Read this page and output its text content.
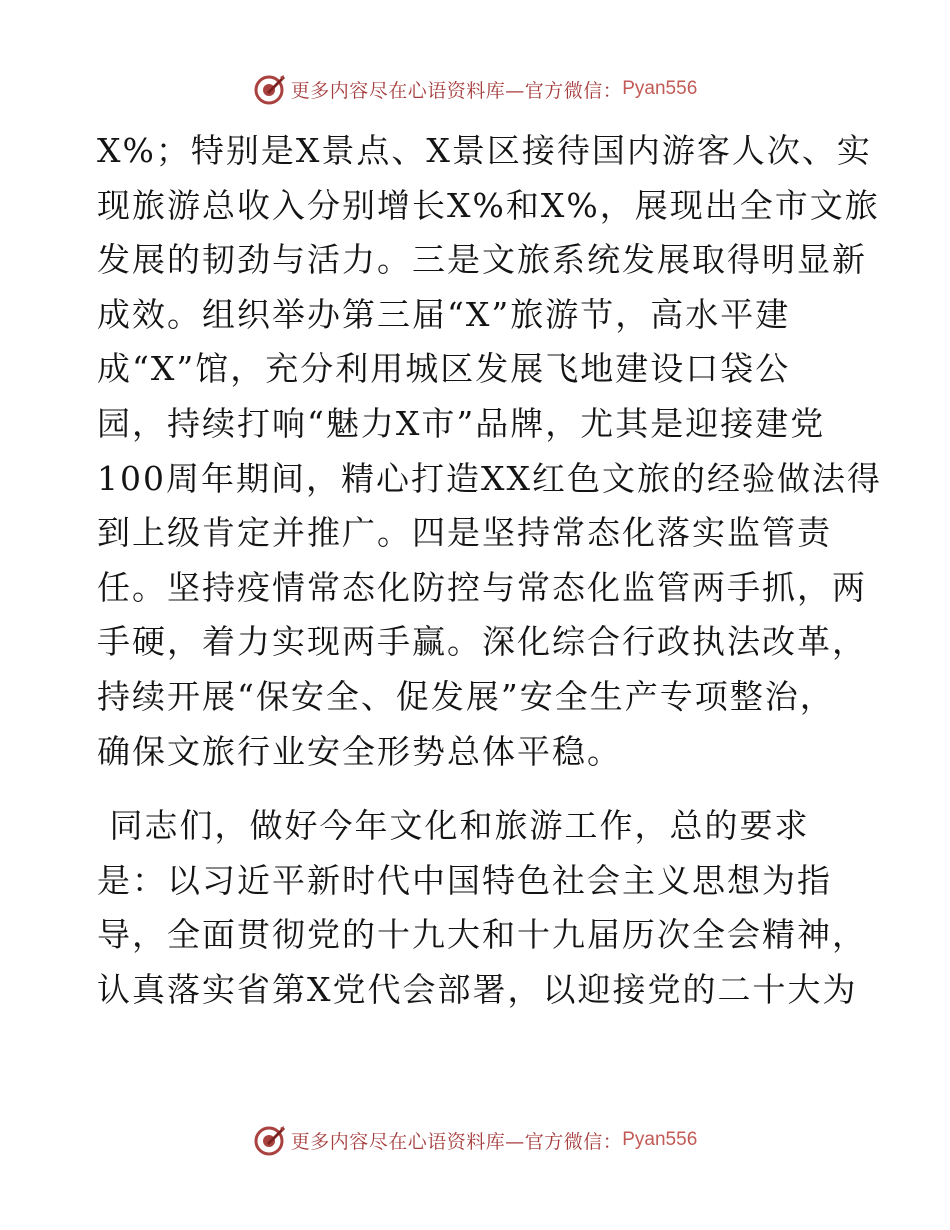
更多内容尽在心语资料库—官方微信： Pyan556
X%；特别是X景点、X景区接待国内游客人次、实
现旅游总收入分别增长X%和X%，展现出全市文旅
发展的韧劲与活力。三是文旅系统发展取得明显新
成效。组织举办第三届“X”旅游节，高水平建
成“X”馆，充分利用城区发展飞地建设口袋公
园，持续打响“魅力X市”品牌，尤其是迎接建党
100周年期间，精心打造XX红色文旅的经验做法得
到上级肯定并推广。四是坚持常态化落实监管责
任。坚持疫情常态化防控与常态化监管两手抓，两
手硬，着力实现两手赢。深化综合行政执法改革，
持续开展“保安全、促发展”安全生产专项整治，
确保文旅行业安全形势总体平稳。
同志们，做好今年文化和旅游工作，总的要求
是：以习近平新时代中国特色社会主义思想为指
导，全面贯彻党的十九大和十九届历次全会精神，
认真落实省第X党代会部署，以迎接党的二十大为
更多内容尽在心语资料库—官方微信： Pyan556
